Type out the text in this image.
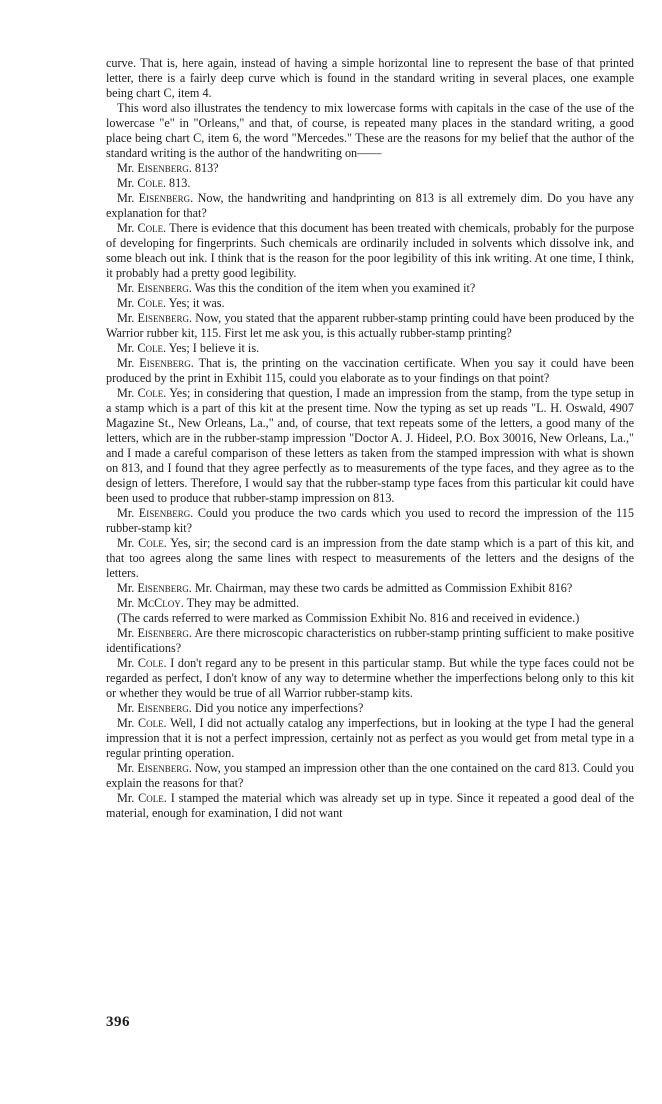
curve. That is, here again, instead of having a simple horizontal line to represent the base of that printed letter, there is a fairly deep curve which is found in the standard writing in several places, one example being chart C, item 4.

This word also illustrates the tendency to mix lowercase forms with capitals in the case of the use of the lowercase "e" in "Orleans," and that, of course, is repeated many places in the standard writing, a good place being chart C, item 6, the word "Mercedes." These are the reasons for my belief that the author of the standard writing is the author of the handwriting on——

Mr. Eisenberg. 813?

Mr. Cole. 813.

Mr. Eisenberg. Now, the handwriting and handprinting on 813 is all extremely dim. Do you have any explanation for that?

Mr. Cole. There is evidence that this document has been treated with chemicals, probably for the purpose of developing for fingerprints. Such chemicals are ordinarily included in solvents which dissolve ink, and some bleach out ink. I think that is the reason for the poor legibility of this ink writing. At one time, I think, it probably had a pretty good legibility.

Mr. Eisenberg. Was this the condition of the item when you examined it?

Mr. Cole. Yes; it was.

Mr. Eisenberg. Now, you stated that the apparent rubber-stamp printing could have been produced by the Warrior rubber kit, 115. First let me ask you, is this actually rubber-stamp printing?

Mr. Cole. Yes; I believe it is.

Mr. Eisenberg. That is, the printing on the vaccination certificate. When you say it could have been produced by the print in Exhibit 115, could you elaborate as to your findings on that point?

Mr. Cole. Yes; in considering that question, I made an impression from the stamp, from the type setup in a stamp which is a part of this kit at the present time. Now the typing as set up reads "L. H. Oswald, 4907 Magazine St., New Orleans, La.," and, of course, that text repeats some of the letters, a good many of the letters, which are in the rubber-stamp impression "Doctor A. J. Hideel, P.O. Box 30016, New Orleans, La.," and I made a careful comparison of these letters as taken from the stamped impression with what is shown on 813, and I found that they agree perfectly as to measurements of the type faces, and they agree as to the design of letters. Therefore, I would say that the rubber-stamp type faces from this particular kit could have been used to produce that rubber-stamp impression on 813.

Mr. Eisenberg. Could you produce the two cards which you used to record the impression of the 115 rubber-stamp kit?

Mr. Cole. Yes, sir; the second card is an impression from the date stamp which is a part of this kit, and that too agrees along the same lines with respect to measurements of the letters and the designs of the letters.

Mr. Eisenberg. Mr. Chairman, may these two cards be admitted as Commission Exhibit 816?

Mr. McCloy. They may be admitted.

(The cards referred to were marked as Commission Exhibit No. 816 and received in evidence.)

Mr. Eisenberg. Are there microscopic characteristics on rubber-stamp printing sufficient to make positive identifications?

Mr. Cole. I don't regard any to be present in this particular stamp. But while the type faces could not be regarded as perfect, I don't know of any way to determine whether the imperfections belong only to this kit or whether they would be true of all Warrior rubber-stamp kits.

Mr. Eisenberg. Did you notice any imperfections?

Mr. Cole. Well, I did not actually catalog any imperfections, but in looking at the type I had the general impression that it is not a perfect impression, certainly not as perfect as you would get from metal type in a regular printing operation.

Mr. Eisenberg. Now, you stamped an impression other than the one contained on the card 813. Could you explain the reasons for that?

Mr. Cole. I stamped the material which was already set up in type. Since it repeated a good deal of the material, enough for examination, I did not want

396
